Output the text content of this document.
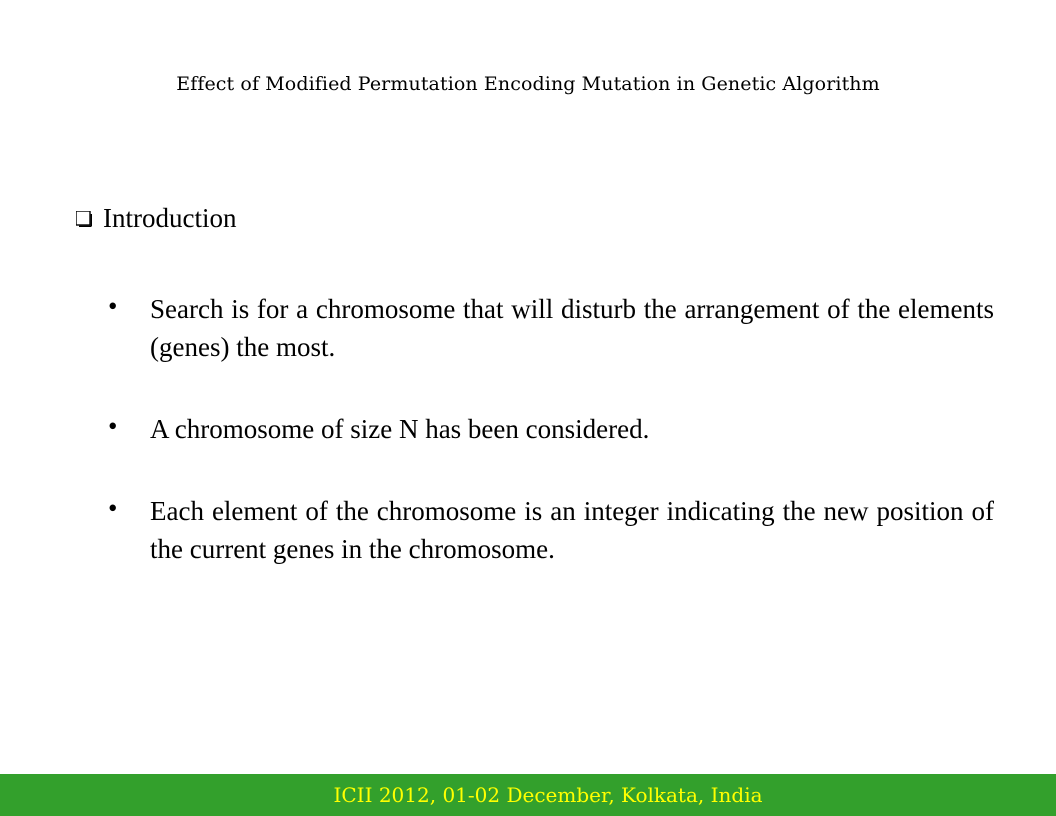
Effect of Modified Permutation Encoding Mutation in Genetic Algorithm
Introduction
• Search is for a chromosome that will disturb the arrangement of the elements (genes) the most.
• A chromosome of size N has been considered.
• Each element of the chromosome is an integer indicating the new position of the current genes in the chromosome.
ICII 2012, 01-02 December, Kolkata, India
